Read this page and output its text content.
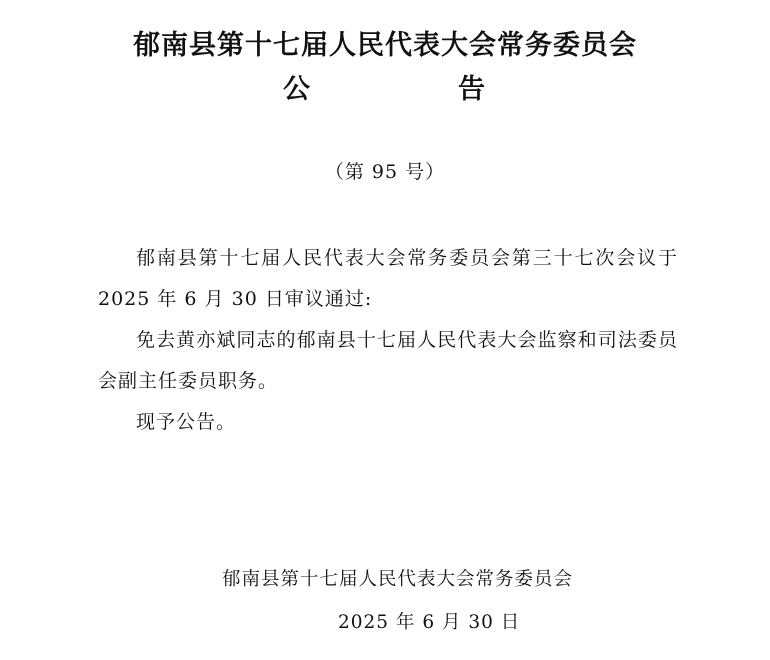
郁南县第十七届人民代表大会常务委员会
公	告
（第 95 号）
郁南县第十七届人民代表大会常务委员会第三十七次会议于 2025 年 6 月 30 日审议通过:
免去黄亦斌同志的郁南县十七届人民代表大会监察和司法委员会副主任委员职务。
现予公告。
郁南县第十七届人民代表大会常务委员会
2025 年 6 月 30 日
